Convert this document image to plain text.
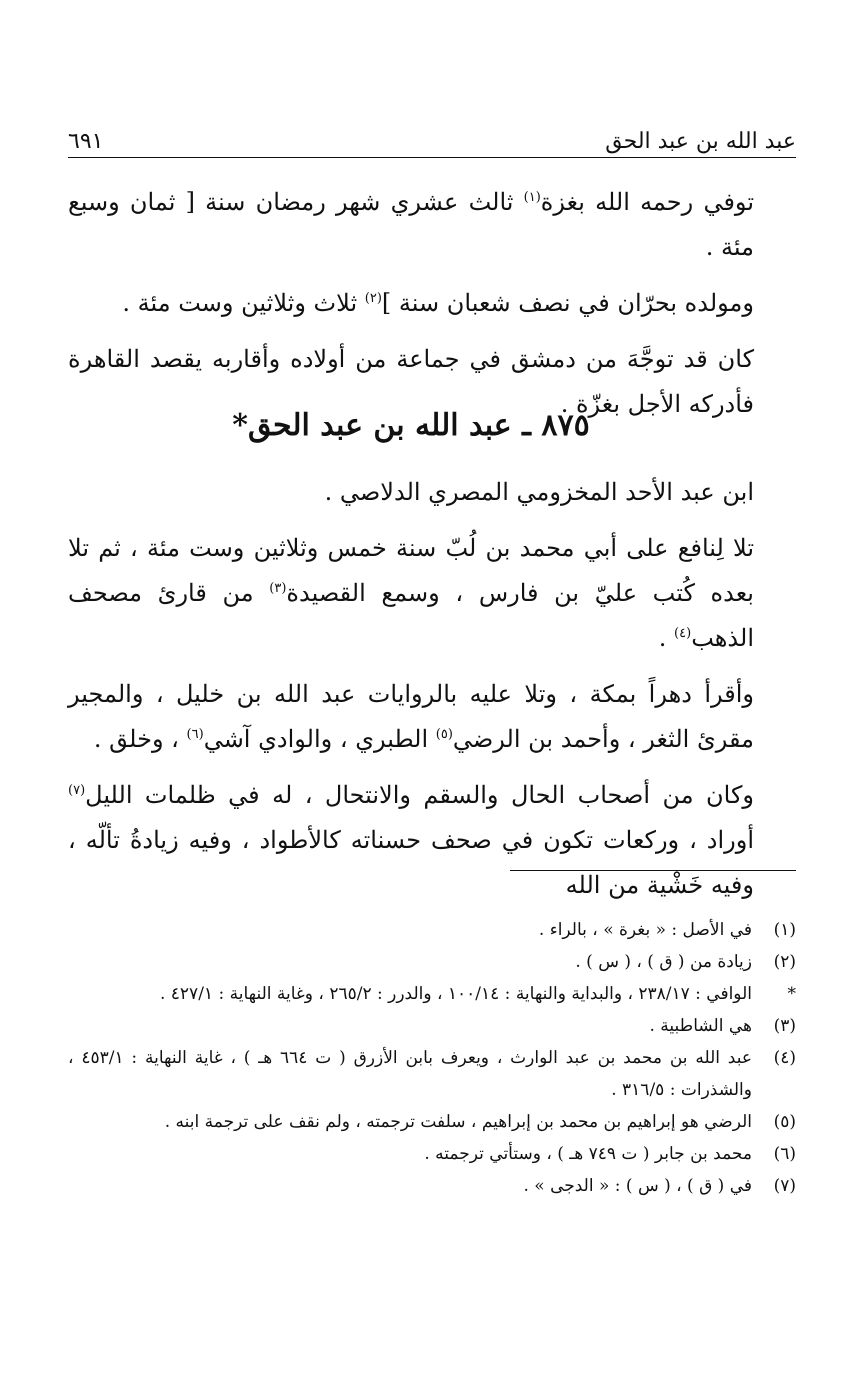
عبد الله بن عبد الحق
٦٩١

توفي رحمه الله بغزة$^{(١)}$ ثالث عشري شهر رمضان سنة [ ثمان وسبع مئة .

ومولده بحرّان في نصف شعبان سنة ]$^{(٢)}$ ثلاث وثلاثين وست مئة .

كان قد توجَّهَ من دمشق في جماعة من أولاده وأقاربه يقصد القاهرة فأدركه الأجل بغزّة .

٨٧٥ ـ عبد الله بن عبد الحق*

ابن عبد الأحد المخزومي المصري الدلاصي .

تلا لِنافع على أبي محمد بن لُبّ سنة خمس وثلاثين وست مئة ، ثم تلا بعده كُتب عليّ بن فارس ، وسمع القصيدة$^{(٣)}$ من قارئ مصحف الذهب$^{(٤)}$ .

وأقرأ دهراً بمكة ، وتلا عليه بالروايات عبد الله بن خليل ، والمجير مقرئ الثغر ، وأحمد بن الرضي$^{(٥)}$ الطبري ، والوادي آشي$^{(٦)}$ ، وخلق .

وكان من أصحاب الحال والسقم والانتحال ، له في ظلمات الليل$^{(٧)}$ أوراد ، وركعات تكون في صحف حسناته كالأطواد ، وفيه زيادةُ تألّه ، وفيه خَشْية من الله

(١)
في الأصل : « بغرة » ، بالراء .
(٢)
زيادة من ( ق ) ، ( س ) .
*
الوافي : ٢٣٨/١٧ ، والبداية والنهاية : ١٠٠/١٤ ، والدرر : ٢٦٥/٢ ، وغاية النهاية : ٤٢٧/١ .
(٣)
هي الشاطبية .
(٤)
عبد الله بن محمد بن عبد الوارث ، ويعرف بابن الأزرق ( ت ٦٦٤ هـ ) ، غاية النهاية : ٤٥٣/١ ، والشذرات : ٣١٦/٥ .
(٥)
الرضي هو إبراهيم بن محمد بن إبراهيم ، سلفت ترجمته ، ولم نقف على ترجمة ابنه .
(٦)
محمد بن جابر ( ت ٧٤٩ هـ ) ، وستأتي ترجمته .
(٧)
في ( ق ) ، ( س ) : « الدجى » .
